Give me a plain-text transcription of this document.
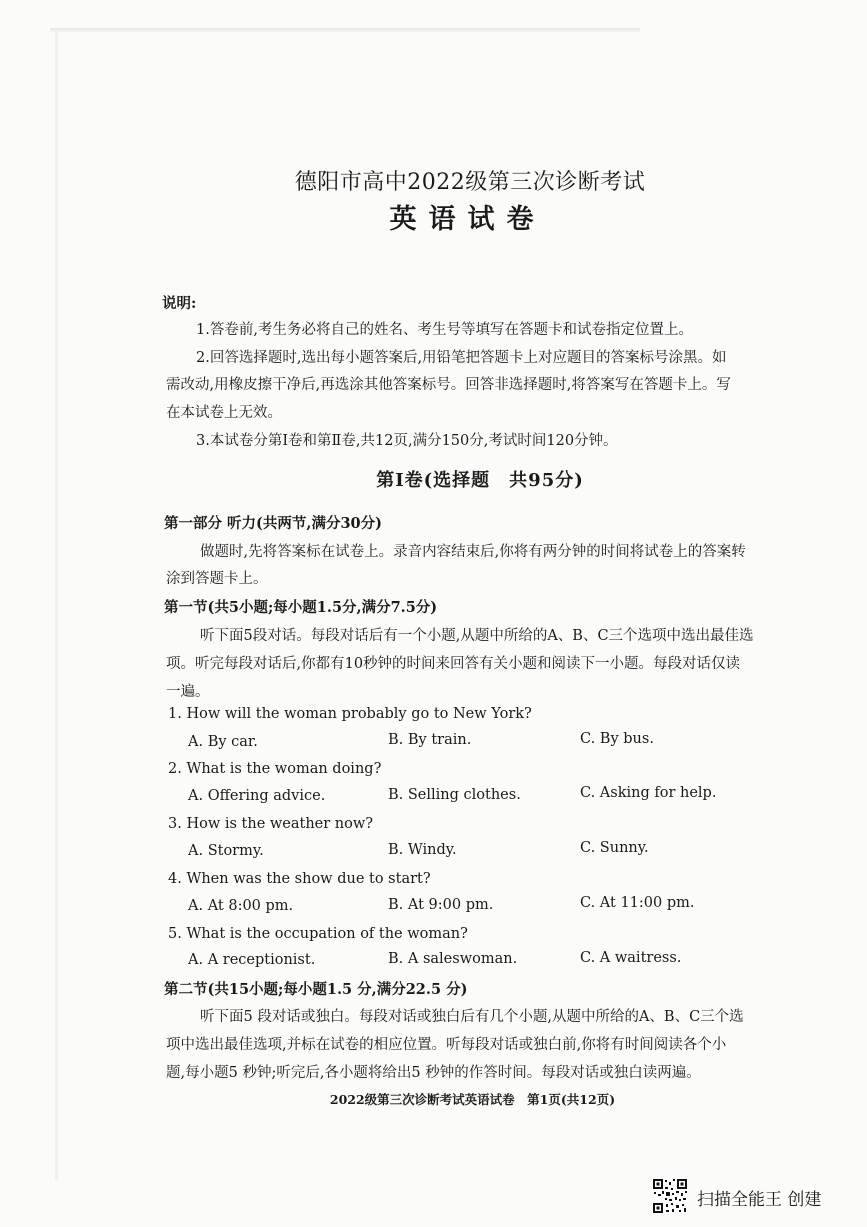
德阳市高中2022级第三次诊断考试
英语试卷
说明:
1.答卷前,考生务必将自己的姓名、考生号等填写在答题卡和试卷指定位置上。
2.回答选择题时,选出每小题答案后,用铅笔把答题卡上对应题目的答案标号涂黑。如
需改动,用橡皮擦干净后,再选涂其他答案标号。回答非选择题时,将答案写在答题卡上。写
在本试卷上无效。
3.本试卷分第Ⅰ卷和第Ⅱ卷,共12页,满分150分,考试时间120分钟。
第Ⅰ卷(选择题　共95分)
第一部分 听力(共两节,满分30分)
做题时,先将答案标在试卷上。录音内容结束后,你将有两分钟的时间将试卷上的答案转
涂到答题卡上。
第一节(共5小题;每小题1.5分,满分7.5分)
听下面5段对话。每段对话后有一个小题,从题中所给的A、B、C三个选项中选出最佳选
项。听完每段对话后,你都有10秒钟的时间来回答有关小题和阅读下一小题。每段对话仅读
一遍。
1. How will the woman probably go to New York?
A. By car.	B. By train.	C. By bus.
2. What is the woman doing?
A. Offering advice.	B. Selling clothes.	C. Asking for help.
3. How is the weather now?
A. Stormy.	B. Windy.	C. Sunny.
4. When was the show due to start?
A. At 8:00 pm.	B. At 9:00 pm.	C. At 11:00 pm.
5. What is the occupation of the woman?
A. A receptionist.	B. A saleswoman.	C. A waitress.
第二节(共15小题;每小题1.5 分,满分22.5 分)
听下面5 段对话或独白。每段对话或独白后有几个小题,从题中所给的A、B、C三个选
项中选出最佳选项,并标在试卷的相应位置。听每段对话或独白前,你将有时间阅读各个小
题,每小题5 秒钟;听完后,各小题将给出5 秒钟的作答时间。每段对话或独白读两遍。
2022级第三次诊断考试英语试卷　第1页(共12页)
扫描全能王 创建
